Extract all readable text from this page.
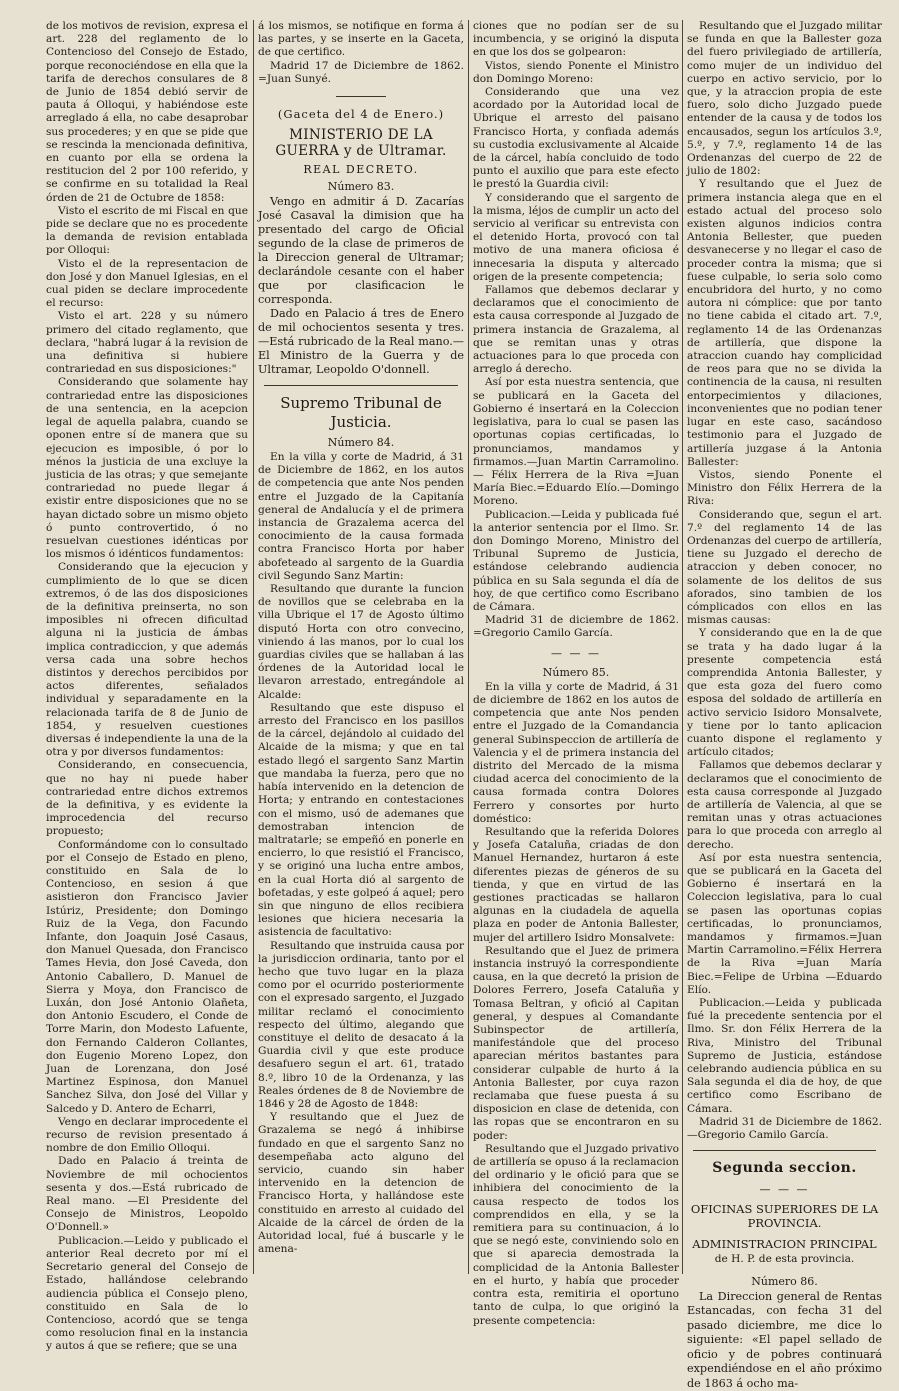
de los motivos de revision, expresa el art. 228 del reglamento de lo Contencioso del Consejo de Estado, porque reconociéndose en ella que la tarifa de derechos consulares de 8 de Junio de 1854 debió servir de pauta á Olloqui, y habiéndose este arreglado á ella, no cabe desaprobar sus procederes; y en que se pide que se rescinda la mencionada definitiva, en cuanto por ella se ordena la restitucion del 2 por 100 referido, y se confirme en su totalidad la Real órden de 21 de Octubre de 1858:

Visto el escrito de mi Fiscal en que pide se declare que no es procedente la demanda de revision entablada por Olloqui:

Visto el de la representacion de don José y don Manuel Iglesias, en el cual piden se declare improcedente el recurso:

Visto el art. 228 y su número primero del citado reglamento, que declara, "habrá lugar á la revision de una definitiva si hubiere contrariedad en sus disposiciones:"

Considerando que solamente hay contrariedad entre las disposiciones de una sentencia, en la acepcion legal de aquella palabra, cuando se oponen entre sí de manera que su ejecucion es imposible, ó por lo ménos la justicia de una excluye la justicia de las otras; y que semejante contrariedad no puede llegar á existir entre disposiciones que no se hayan dictado sobre un mismo objeto ó punto controvertido, ó no resuelvan cuestiones idénticas por los mismos ó idénticos fundamentos:

Considerando que la ejecucion y cumplimiento de lo que se dicen extremos, ó de las dos disposiciones de la definitiva preinserta, no son imposibles ni ofrecen dificultad alguna ni la justicia de ámbas implica contradiccion, y que además versa cada una sobre hechos distintos y derechos percibidos por actos diferentes, señalados individual y separadamente en la relacionada tarifa de 8 de Junio de 1854, y resuelven cuestiones diversas é independiente la una de la otra y por diversos fundamentos:

Considerando, en consecuencia, que no hay ni puede haber contrariedad entre dichos extremos de la definitiva, y es evidente la improcedencia del recurso propuesto;

Conformándome con lo consultado por el Consejo de Estado en pleno, constituido en Sala de lo Contencioso, en sesion á que asistieron don Francisco Javier Istúriz, Presidente; don Domingo Ruiz de la Vega, don Facundo Infante, don Joaquin José Casaus, don Manuel Quesada, don Francisco Tames Hevia, don José Caveda, don Antonio Caballero, D. Manuel de Sierra y Moya, don Francisco de Luxán, don José Antonio Olañeta, don Antonio Escudero, el Conde de Torre Marin, don Modesto Lafuente, don Fernando Calderon Collantes, don Eugenio Moreno Lopez, don Juan de Lorenzana, don José Martinez Espinosa, don Manuel Sanchez Silva, don José del Villar y Salcedo y D. Antero de Echarri,

Vengo en declarar improcedente el recurso de revision presentado á nombre de don Emilio Olloqui.

Dado en Palacio á treinta de Noviembre de mil ochocientos sesenta y dos.—Está rubricado de Real mano. —El Presidente del Consejo de Ministros, Leopoldo O'Donnell.»

Publicacion.—Leido y publicado el anterior Real decreto por mí el Secretario general del Consejo de Estado, hallándose celebrando audiencia pública el Consejo pleno, constituido en Sala de lo Contencioso, acordó que se tenga como resolucion final en la instancia y autos á que se refiere; que se una

á los mismos, se notifique en forma á las partes, y se inserte en la Gaceta, de que certifico.

Madrid 17 de Diciembre de 1862. =Juan Sunyé.

(Gaceta del 4 de Enero.)
MINISTERIO DE LA GUERRA y de Ultramar.
REAL DECRETO.
Número 83.

Vengo en admitir á D. Zacarías José Casaval la dimision que ha presentado del cargo de Oficial segundo de la clase de primeros de la Direccion general de Ultramar; declarándole cesante con el haber que por clasificacion le corresponda.

Dado en Palacio á tres de Enero de mil ochocientos sesenta y tres. —Está rubricado de la Real mano.— El Ministro de la Guerra y de Ultramar, Leopoldo O'donnell.

Supremo Tribunal de Justicia.
Número 84.

En la villa y corte de Madrid, á 31 de Diciembre de 1862, en los autos de competencia que ante Nos penden entre el Juzgado de la Capitanía general de Andalucía y el de primera instancia de Grazalema acerca del conocimiento de la causa formada contra Francisco Horta por haber abofeteado al sargento de la Guardia civil Segundo Sanz Martin:

Resultando que durante la funcion de novillos que se celebraba en la villa Ubrique el 17 de Agosto último disputó Horta con otro convecino, viniendo á las manos, por lo cual los guardias civiles que se hallaban á las órdenes de la Autoridad local le llevaron arrestado, entregándole al Alcalde:

Resultando que este dispuso el arresto del Francisco en los pasillos de la cárcel, dejándolo al cuidado del Alcaide de la misma; y que en tal estado llegó el sargento Sanz Martin que mandaba la fuerza, pero que no había intervenido en la detencion de Horta; y entrando en contestaciones con el mismo, usó de ademanes que demostraban intencion de maltratarle; se empeñó en ponerle en encierro, lo que resistió el Francisco, y se originó una lucha entre ambos, en la cual Horta dió al sargento de bofetadas, y este golpeó á aquel; pero sin que ninguno de ellos recibiera lesiones que hiciera necesaria la asistencia de facultativo:

Resultando que instruida causa por la jurisdiccion ordinaria, tanto por el hecho que tuvo lugar en la plaza como por el ocurrido posteriormente con el expresado sargento, el Juzgado militar reclamó el conocimiento respecto del último, alegando que constituye el delito de desacato á la Guardia civil y que este produce desafuero segun el art. 61, tratado 8.º, libro 10 de la Ordenanza, y las Reales órdenes de 8 de Noviembre de 1846 y 28 de Agosto de 1848:

Y resultando que el Juez de Grazalema se negó á inhibirse fundado en que el sargento Sanz no desempeñaba acto alguno del servicio, cuando sin haber intervenido en la detencion de Francisco Horta, y hallándose este constituido en arresto al cuidado del Alcaide de la cárcel de órden de la Autoridad local, fué á buscarle y le amena-

ciones que no podían ser de su incumbencia, y se originó la disputa en que los dos se golpearon:

Vistos, siendo Ponente el Ministro don Domingo Moreno:

Considerando que una vez acordado por la Autoridad local de Ubrique el arresto del paisano Francisco Horta, y confiada además su custodia exclusivamente al Alcaide de la cárcel, había concluido de todo punto el auxilio que para este efecto le prestó la Guardia civil:

Y considerando que el sargento de la misma, léjos de cumplir un acto del servicio al verificar su entrevista con el detenido Horta, provocó con tal motivo de una manera oficiosa é innecesaria la disputa y altercado origen de la presente competencia;

Fallamos que debemos declarar y declaramos que el conocimiento de esta causa corresponde al Juzgado de primera instancia de Grazalema, al que se remitan unas y otras actuaciones para lo que proceda con arreglo á derecho.

Así por esta nuestra sentencia, que se publicará en la Gaceta del Gobierno é insertará en la Coleccion legislativa, para lo cual se pasen las oportunas copias certificadas, lo pronunciamos, mandamos y firmamos.—Juan Martin Carramolino.— Félix Herrera de la Riva =Juan María Biec.=Eduardo Elío.—Domingo Moreno.

Publicacion.—Leida y publicada fué la anterior sentencia por el Ilmo. Sr. don Domingo Moreno, Ministro del Tribunal Supremo de Justicia, estándose celebrando audiencia pública en su Sala segunda el día de hoy, de que certifico como Escribano de Cámara.

Madrid 31 de diciembre de 1862. =Gregorio Camilo García.

— — —
Número 85.

En la villa y corte de Madrid, á 31 de diciembre de 1862 en los autos de competencia que ante Nos penden entre el Juzgado de la Comandancia general Subinspeccion de artillería de Valencia y el de primera instancia del distrito del Mercado de la misma ciudad acerca del conocimiento de la causa formada contra Dolores Ferrero y consortes por hurto doméstico:

Resultando que la referida Dolores y Josefa Cataluña, criadas de don Manuel Hernandez, hurtaron á este diferentes piezas de géneros de su tienda, y que en virtud de las gestiones practicadas se hallaron algunas en la ciudadela de aquella plaza en poder de Antonia Ballester, mujer del artillero Isidro Monsalvete:

Resultando que el Juez de primera instancia instruyó la correspondiente causa, en la que decretó la prision de Dolores Ferrero, Josefa Cataluña y Tomasa Beltran, y ofició al Capitan general, y despues al Comandante Subinspector de artillería, manifestándole que del proceso aparecian méritos bastantes para considerar culpable de hurto á la Antonia Ballester, por cuya razon reclamaba que fuese puesta á su disposicion en clase de detenida, con las ropas que se encontraron en su poder:

Resultando que el Juzgado privativo de artillería se opuso á la reclamacion del ordinario y le ofició para que se inhibiera del conocimiento de la causa respecto de todos los comprendidos en ella, y se la remitiera para su continuacion, á lo que se negó este, conviniendo solo en que si aparecia demostrada la complicidad de la Antonia Ballester en el hurto, y había que proceder contra esta, remitiria el oportuno tanto de culpa, lo que originó la presente competencia:

Resultando que el Juzgado militar se funda en que la Ballester goza del fuero privilegiado de artillería, como mujer de un individuo del cuerpo en activo servicio, por lo que, y la atraccion propia de este fuero, solo dicho Juzgado puede entender de la causa y de todos los encausados, segun los artículos 3.º, 5.º, y 7.º, reglamento 14 de las Ordenanzas del cuerpo de 22 de julio de 1802:

Y resultando que el Juez de primera instancia alega que en el estado actual del proceso solo existen algunos indicios contra Antonia Bellester, que pueden desvanecerse y no llegar el caso de proceder contra la misma; que si fuese culpable, lo seria solo como encubridora del hurto, y no como autora ni cómplice: que por tanto no tiene cabida el citado art. 7.º, reglamento 14 de las Ordenanzas de artillería, que dispone la atraccion cuando hay complicidad de reos para que no se divida la continencia de la causa, ni resulten entorpecimientos y dilaciones, inconvenientes que no podian tener lugar en este caso, sacándoso testimonio para el Juzgado de artillería juzgase á la Antonia Ballester:

Vistos, siendo Ponente el Ministro don Félix Herrera de la Riva:

Considerando que, segun el art. 7.º del reglamento 14 de las Ordenanzas del cuerpo de artillería, tiene su Juzgado el derecho de atraccion y deben conocer, no solamente de los delitos de sus aforados, sino tambien de los cómplicados con ellos en las mismas causas:

Y considerando que en la de que se trata y ha dado lugar á la presente competencia está comprendida Antonia Ballester, y que esta goza del fuero como esposa del soldado de artillería en activo servicio Isidoro Monsalvete, y tiene por lo tanto aplicacion cuanto dispone el reglamento y artículo citados;

Fallamos que debemos declarar y declaramos que el conocimiento de esta causa corresponde al Juzgado de artillería de Valencia, al que se remitan unas y otras actuaciones para lo que proceda con arreglo al derecho.

Así por esta nuestra sentencia, que se publicará en la Gaceta del Gobierno é insertará en la Coleccion legislativa, para lo cual se pasen las oportunas copias certificadas, lo pronunciamos, mandamos y firmamos.=Juan Martin Carramolino.=Félix Herrera de la Riva =Juan María Biec.=Felipe de Urbina —Eduardo Elío.

Publicacion.—Leida y publicada fué la precedente sentencia por el Ilmo. Sr. don Félix Herrera de la Riva, Ministro del Tribunal Supremo de Justicia, estándose celebrando audiencia pública en su Sala segunda el dia de hoy, de que certifico como Escribano de Cámara.

Madrid 31 de Diciembre de 1862. —Gregorio Camilo García.

Segunda seccion.
— — —
OFICINAS SUPERIORES DE LA PROVINCIA.
ADMINISTRACION PRINCIPAL

de H. P. de esta provincia.

Número 86.

La Direccion general de Rentas Estancadas, con fecha 31 del pasado diciembre, me dice lo siguiente: «El papel sellado de oficio y de pobres continuará expendiéndose en el año próximo de 1863 á ocho ma-
